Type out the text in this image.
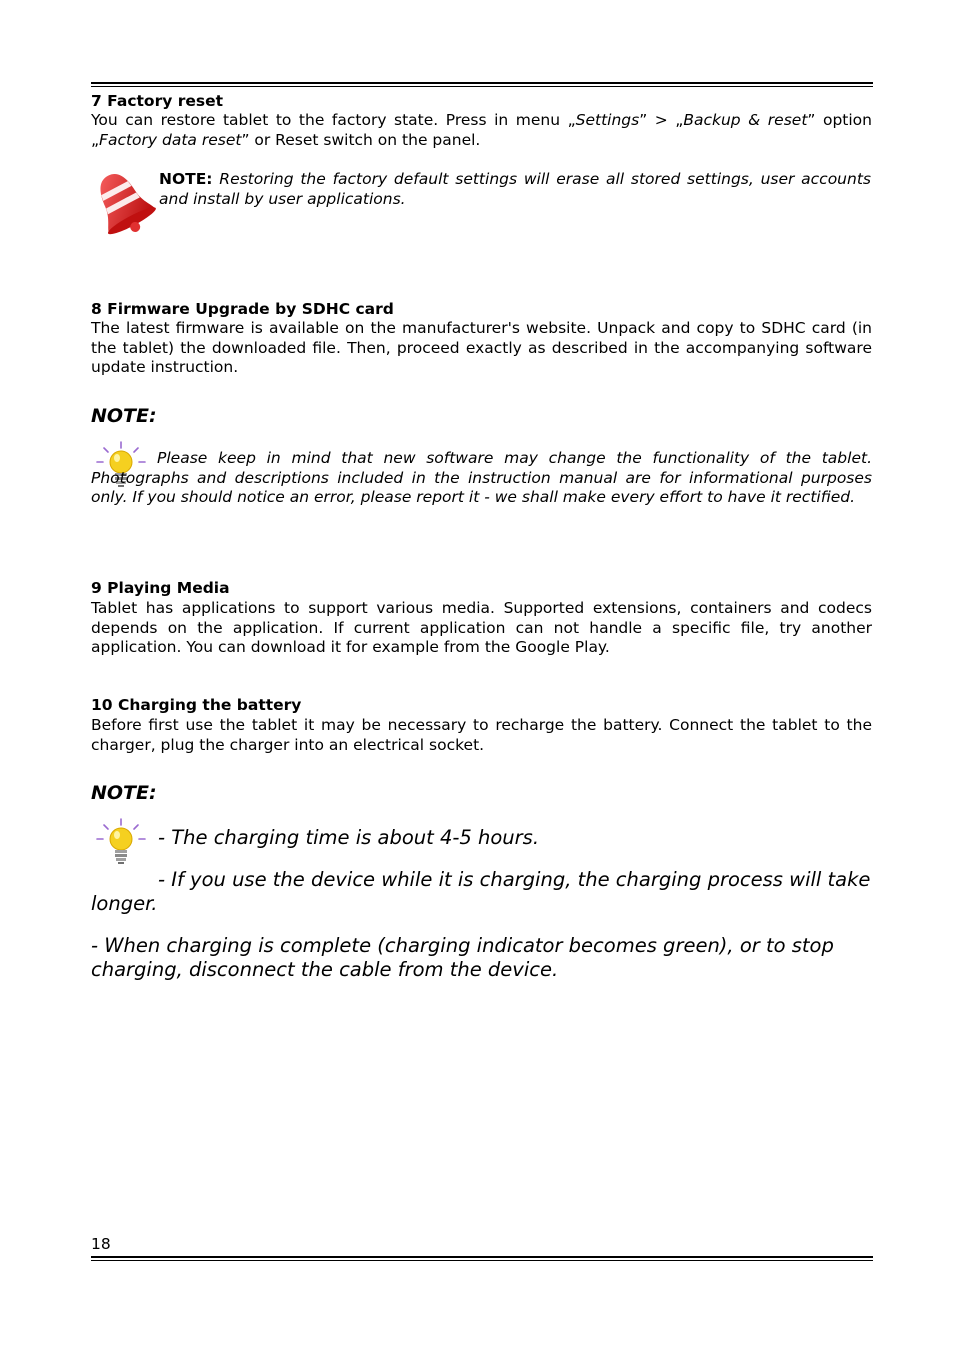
7 Factory reset
You can restore tablet to the factory state. Press in menu „Settings” > „Backup & reset” option „Factory data reset” or Reset switch on the panel.
NOTE: Restoring the factory default settings will erase all stored settings, user accounts and install by user applications.
8 Firmware Upgrade by SDHC card
The latest firmware is available on the manufacturer's website. Unpack and copy to SDHC card (in the tablet) the downloaded file. Then, proceed exactly as described in the accompanying software update instruction.
NOTE:
Please keep in mind that new software may change the functionality of the tablet. Photographs and descriptions included in the instruction manual are for informational purposes only. If you should notice an error, please report it - we shall make every effort to have it rectified.
9 Playing Media
Tablet has applications to support various media. Supported extensions, containers and codecs depends on the application. If current application can not handle a specific file, try another application. You can download it for example from the Google Play.
10 Charging the battery
Before first use the tablet it may be necessary to recharge the battery. Connect the tablet to the charger, plug the charger into an electrical socket.
NOTE:
- The charging time is about 4-5 hours.
- If you use the device while it is charging, the charging process will take
longer.
- When charging is complete (charging indicator becomes green), or to stop charging, disconnect the cable from the device.
18
